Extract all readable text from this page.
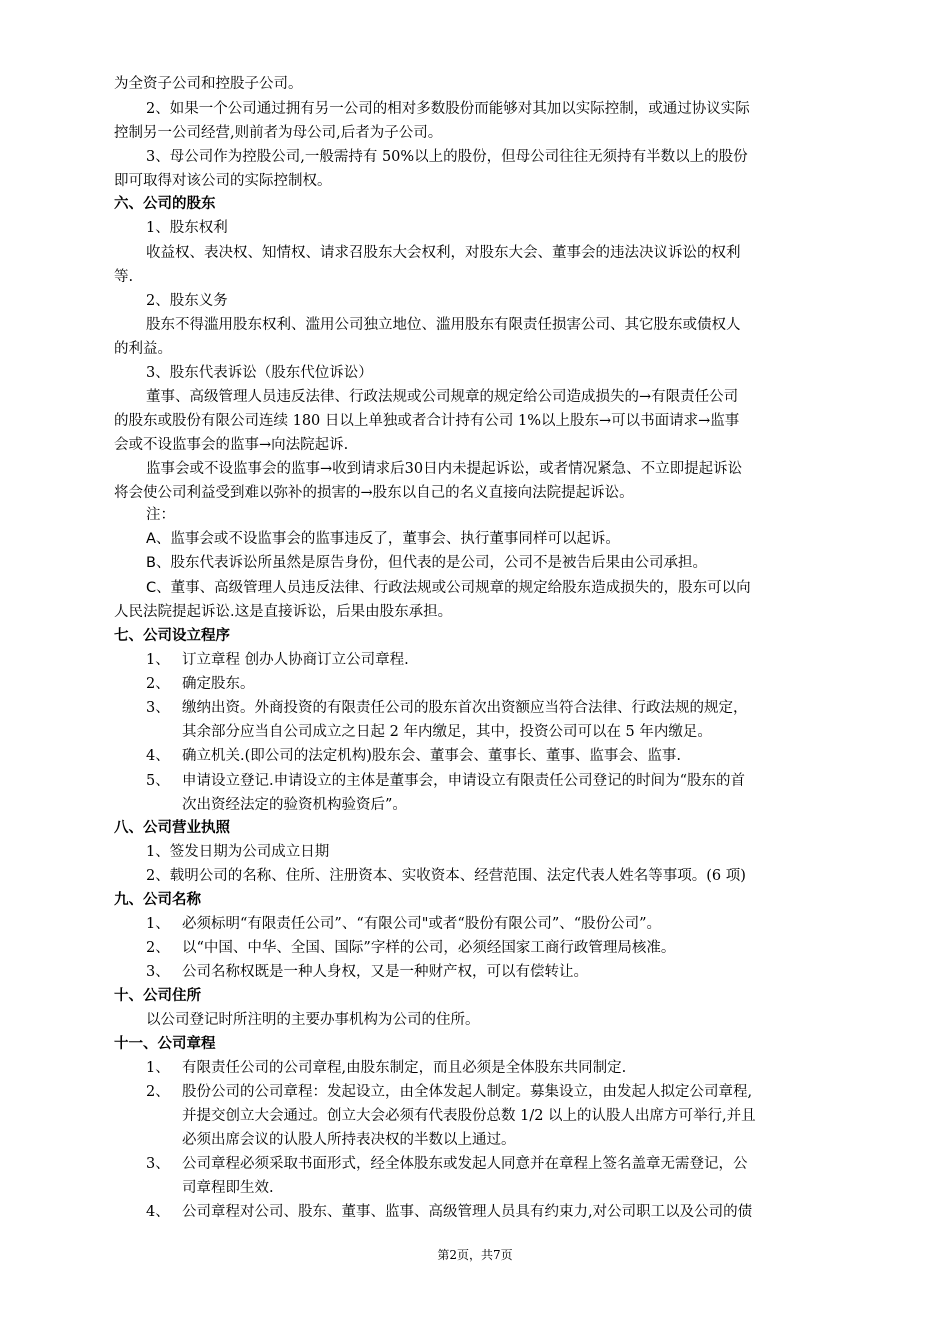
为全资子公司和控股子公司。
2、如果一个公司通过拥有另一公司的相对多数股份而能够对其加以实际控制，或通过协议实际
控制另一公司经营,则前者为母公司,后者为子公司。
3、母公司作为控股公司,一般需持有 50%以上的股份，但母公司往往无须持有半数以上的股份
即可取得对该公司的实际控制权。
六、公司的股东
1、股东权利
收益权、表决权、知情权、请求召股东大会权利，对股东大会、董事会的违法决议诉讼的权利
等.
2、股东义务
股东不得滥用股东权利、滥用公司独立地位、滥用股东有限责任损害公司、其它股东或债权人
的利益。
3、股东代表诉讼（股东代位诉讼）
董事、高级管理人员违反法律、行政法规或公司规章的规定给公司造成损失的→有限责任公司
的股东或股份有限公司连续 180 日以上单独或者合计持有公司 1%以上股东→可以书面请求→监事
会或不设监事会的监事→向法院起诉.
监事会或不设监事会的监事→收到请求后30日内未提起诉讼，或者情况紧急、不立即提起诉讼
将会使公司利益受到难以弥补的损害的→股东以自己的名义直接向法院提起诉讼。
注：
A、监事会或不设监事会的监事违反了，董事会、执行董事同样可以起诉。
B、股东代表诉讼所虽然是原告身份，但代表的是公司，公司不是被告后果由公司承担。
C、董事、高级管理人员违反法律、行政法规或公司规章的规定给股东造成损失的，股东可以向
人民法院提起诉讼.这是直接诉讼，后果由股东承担。
七、公司设立程序
1、 订立章程 创办人协商订立公司章程.
2、 确定股东。
3、 缴纳出资。外商投资的有限责任公司的股东首次出资额应当符合法律、行政法规的规定，
其余部分应当自公司成立之日起 2 年内缴足，其中，投资公司可以在 5 年内缴足。
4、 确立机关.(即公司的法定机构)股东会、董事会、董事长、董事、监事会、监事.
5、 申请设立登记.申请设立的主体是董事会，申请设立有限责任公司登记的时间为“股东的首
次出资经法定的验资机构验资后”。
八、公司营业执照
1、签发日期为公司成立日期
2、载明公司的名称、住所、注册资本、实收资本、经营范围、法定代表人姓名等事项。(6 项)
九、公司名称
1、 必须标明“有限责任公司”、“有限公司"或者“股份有限公司”、“股份公司”。
2、 以“中国、中华、全国、国际”字样的公司，必须经国家工商行政管理局核准。
3、 公司名称权既是一种人身权，又是一种财产权，可以有偿转让。
十、公司住所
以公司登记时所注明的主要办事机构为公司的住所。
十一、公司章程
1、 有限责任公司的公司章程,由股东制定，而且必须是全体股东共同制定.
2、 股份公司的公司章程：发起设立，由全体发起人制定。募集设立，由发起人拟定公司章程,
并提交创立大会通过。创立大会必须有代表股份总数 1/2 以上的认股人出席方可举行,并且
必须出席会议的认股人所持表决权的半数以上通过。
3、 公司章程必须采取书面形式，经全体股东或发起人同意并在章程上签名盖章无需登记，公
司章程即生效.
4、 公司章程对公司、股东、董事、监事、高级管理人员具有约束力,对公司职工以及公司的债
第2页，共7页
